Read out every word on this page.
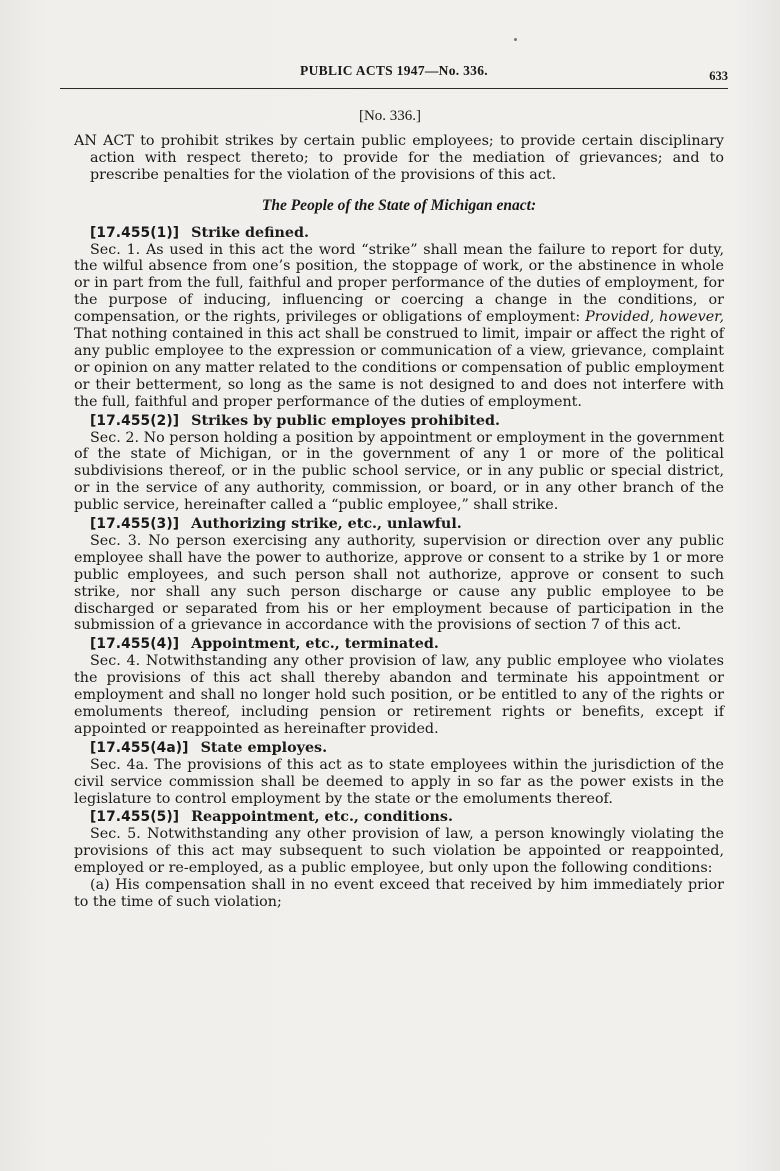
PUBLIC ACTS 1947—No. 336.	633
[No. 336.]

AN ACT to prohibit strikes by certain public employees; to provide certain disciplinary action with respect thereto; to provide for the mediation of grievances; and to prescribe penalties for the violation of the provisions of this act.

The People of the State of Michigan enact:

[17.455(1)] Strike defined.

Sec. 1. As used in this act the word “strike” shall mean the failure to report for duty, the wilful absence from one’s position, the stoppage of work, or the abstinence in whole or in part from the full, faithful and proper performance of the duties of employment, for the purpose of inducing, influencing or coercing a change in the conditions, or compensation, or the rights, privileges or obligations of employment: Provided, however, That nothing contained in this act shall be construed to limit, impair or affect the right of any public employee to the expression or communication of a view, grievance, complaint or opinion on any matter related to the conditions or compensation of public employment or their betterment, so long as the same is not designed to and does not interfere with the full, faithful and proper performance of the duties of employment.

[17.455(2)] Strikes by public employes prohibited.

Sec. 2. No person holding a position by appointment or employment in the government of the state of Michigan, or in the government of any 1 or more of the political subdivisions thereof, or in the public school service, or in any public or special district, or in the service of any authority, commission, or board, or in any other branch of the public service, hereinafter called a “public employee,” shall strike.

[17.455(3)] Authorizing strike, etc., unlawful.

Sec. 3. No person exercising any authority, supervision or direction over any public employee shall have the power to authorize, approve or consent to a strike by 1 or more public employees, and such person shall not authorize, approve or consent to such strike, nor shall any such person discharge or cause any public employee to be discharged or separated from his or her employment because of participation in the submission of a grievance in accordance with the provisions of section 7 of this act.

[17.455(4)] Appointment, etc., terminated.

Sec. 4. Notwithstanding any other provision of law, any public employee who violates the provisions of this act shall thereby abandon and terminate his appointment or employment and shall no longer hold such position, or be entitled to any of the rights or emoluments thereof, including pension or retirement rights or benefits, except if appointed or reappointed as hereinafter provided.

[17.455(4a)] State employes.

Sec. 4a. The provisions of this act as to state employees within the jurisdiction of the civil service commission shall be deemed to apply in so far as the power exists in the legislature to control employment by the state or the emoluments thereof.

[17.455(5)] Reappointment, etc., conditions.

Sec. 5. Notwithstanding any other provision of law, a person knowingly violating the provisions of this act may subsequent to such violation be appointed or reappointed, employed or re-employed, as a public employee, but only upon the following conditions:

(a) His compensation shall in no event exceed that received by him immediately prior to the time of such violation;
